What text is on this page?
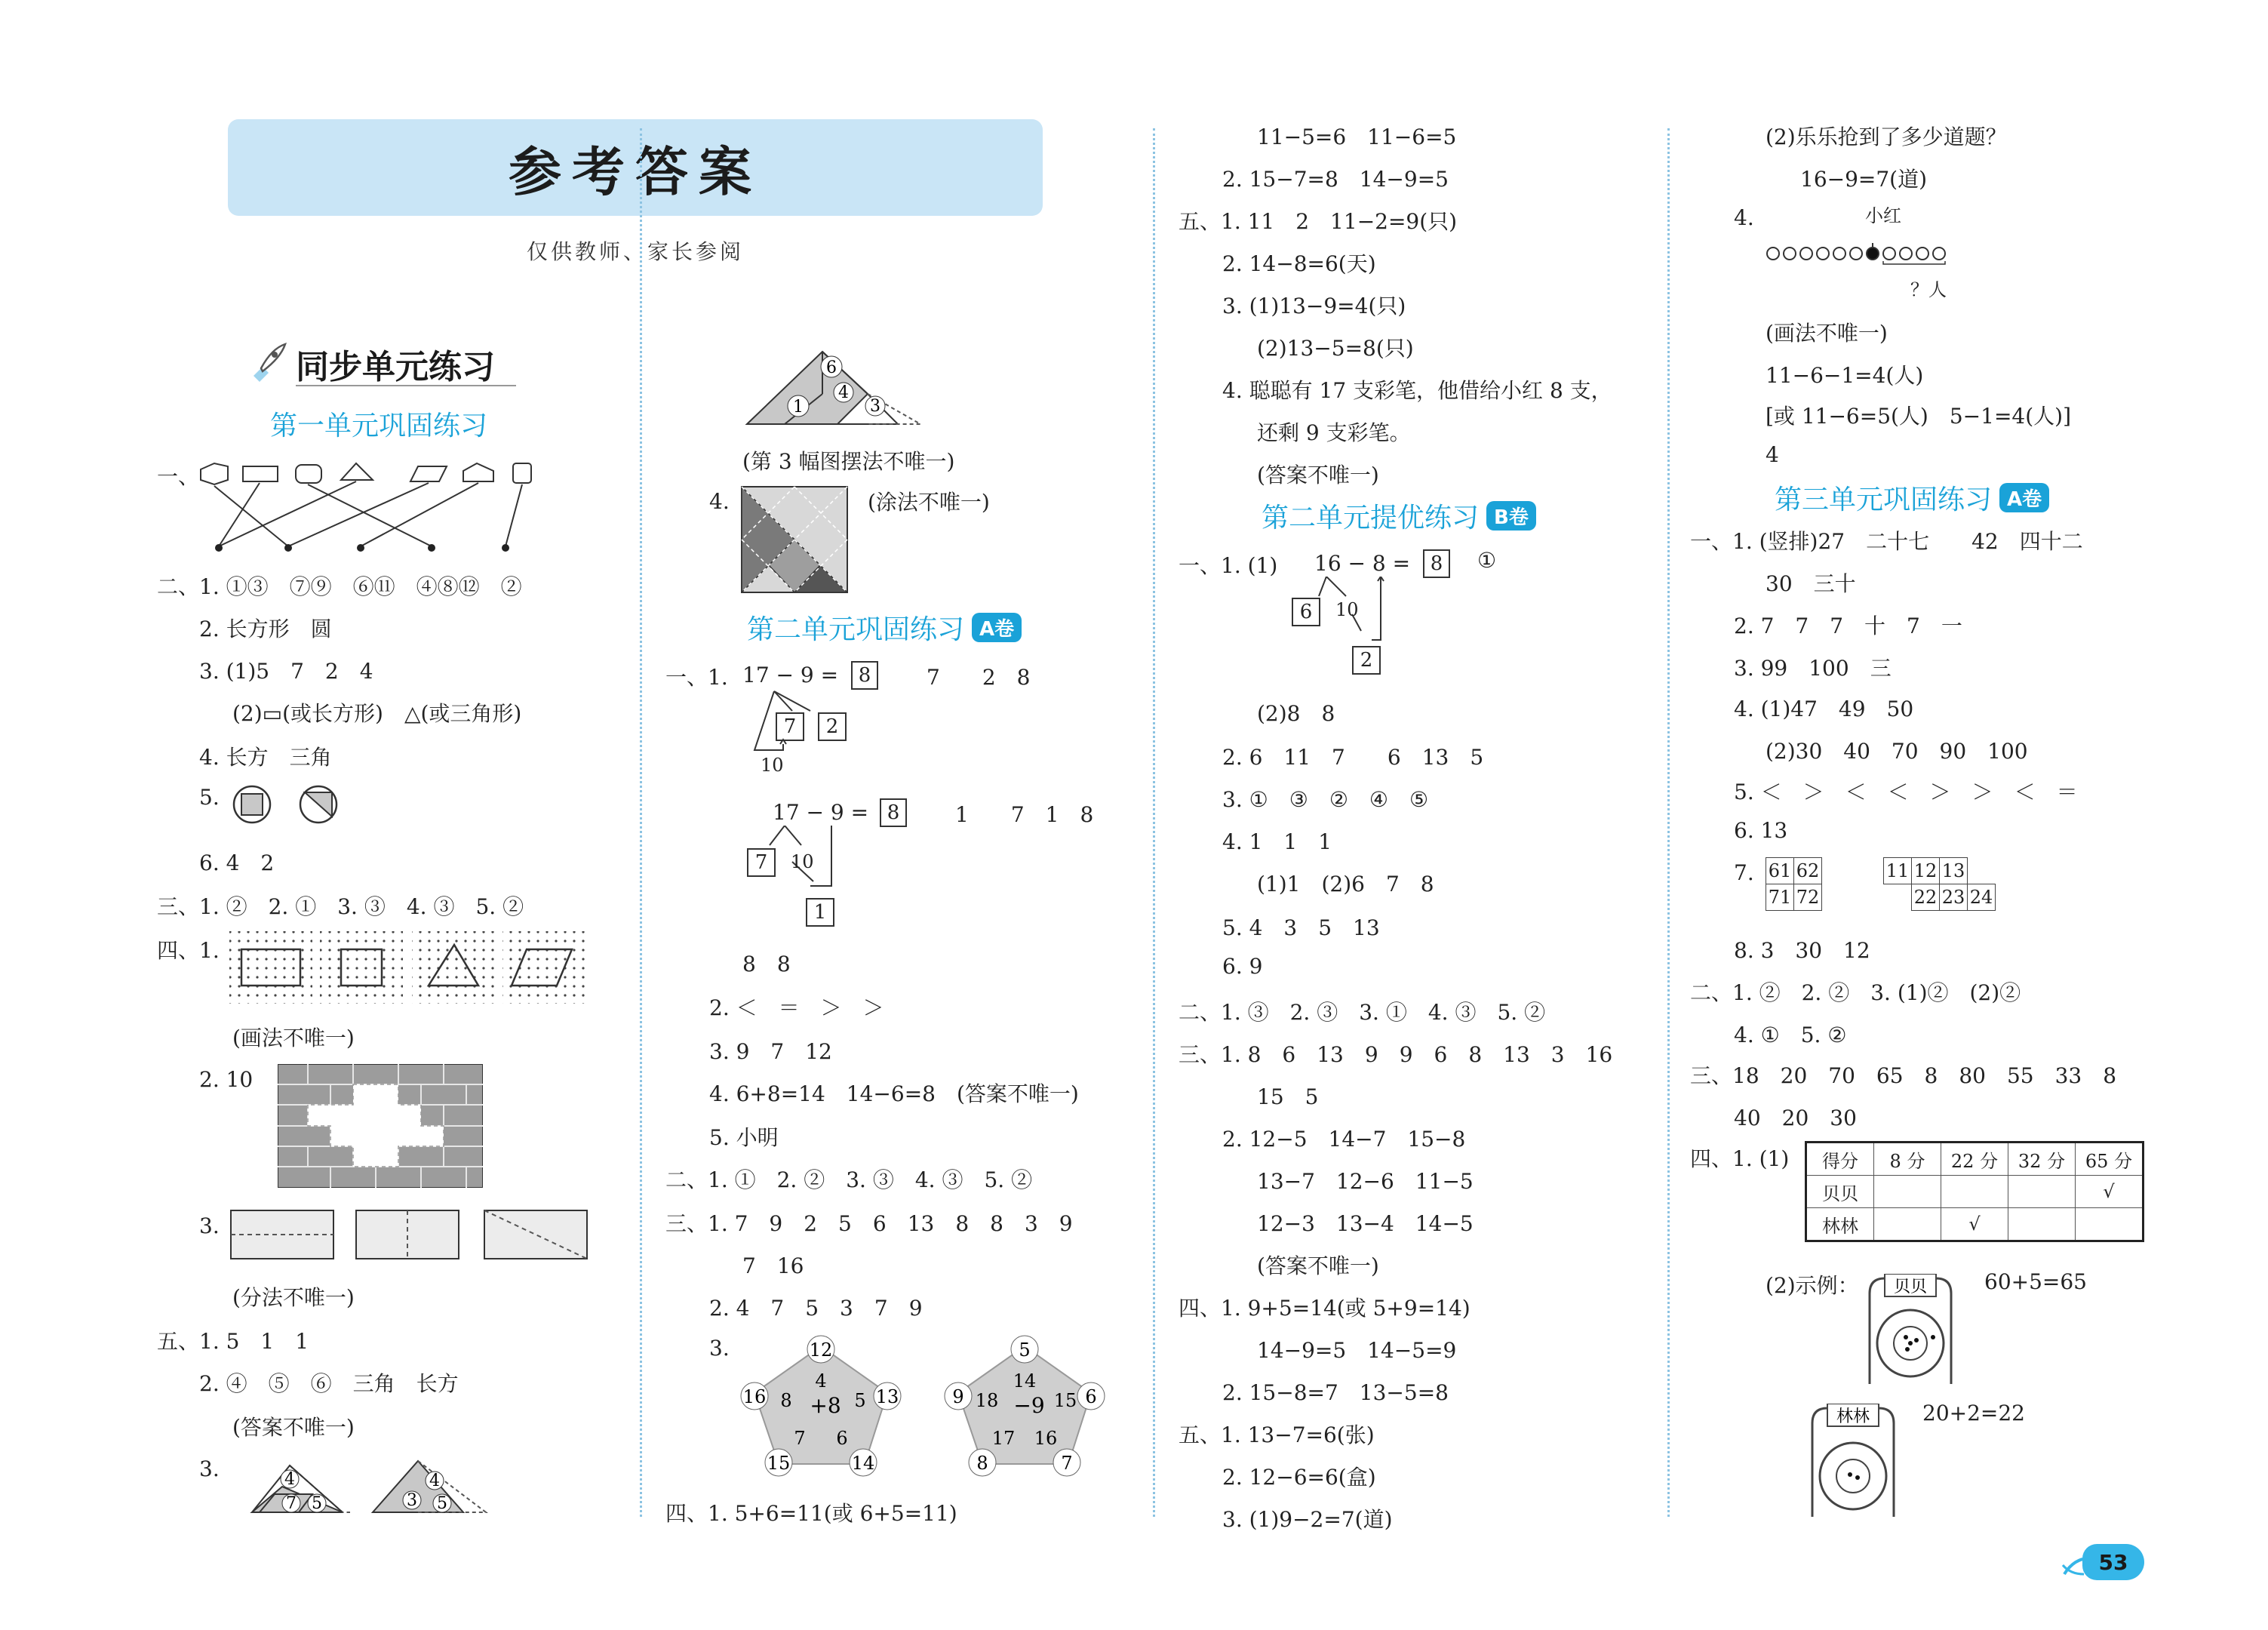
参考答案
仅供教师、家长参阅
同步单元练习
第一单元巩固练习
一、
二、1. ①③　⑦⑨　⑥⑪　④⑧⑫　②
2. 长方形　圆
3. (1)5　7　2　4
(2)▭(或长方形)　△(或三角形)
4. 长方　三角
5.
6. 4　2
三、1. ②　2. ①　3. ③　4. ③　5. ②
四、1.
(画法不唯一)
2. 10
3.
(分法不唯一)
五、1. 5　1　1
2. ④　⑤　⑥　三角　长方
(答案不唯一)
3.
7
4
5	3
4
5
1
6
4
3
(第 3 幅图摆法不唯一)
4.	(涂法不唯一)
第二单元巩固练习 A卷
一、1. 17 − 9 =	8	7　　2　8
7	2
10
17 − 9 = 8	1　　7　1　8
7	10
1
8　8
2. ＜　＝　＞　＞
3. 9　7　12
4. 6+8=14　14−6=8　(答案不唯一)
5. 小明
二、1. ①　2. ②　3. ③　4. ③　5. ②
三、1. 7　9　2　5　6　13　8　8　3　9
7　16
2. 4　7　5　3　7　9
3.	12
4
+8
16	13
8	5
7 6
15	14
5
14
−9
9	6
18	15
17 16
8	7
四、1. 5+6=11(或 6+5=11)
11−5=6　11−6=5
2. 15−7=8　14−9=5
五、1. 11　2　11−2=9(只)
2. 14−8=6(天)
3. (1)13−9=4(只)
(2)13−5=8(只)
4. 聪聪有 17 支彩笔，他借给小红 8 支，
还剩 9 支彩笔。
(答案不唯一)
第二单元提优练习 B卷
一、1. (1) 16 − 8 =	8	①
6	10
2
(2)8　8
2. 6　11　7　　6　13　5
3. ①　③　②　④　⑤
4. 1　1　1
(1)1　(2)6　7　8
5. 4　3　5　13
6. 9
二、1. ③　2. ③　3. ①　4. ③　5. ②
三、1. 8　6　13　9　9　6　8　13　3　16
15　5
2. 12−5　14−7　15−8
13−7　12−6　11−5
12−3　13−4　14−5
(答案不唯一)
四、1. 9+5=14(或 5+9=14)
14−9=5　14−5=9
2. 15−8=7　13−5=8
五、1. 13−7=6(张)
2. 12−6=6(盒)
3. (1)9−2=7(道)
(2)乐乐抢到了多少道题？
16−9=7(道)
4.	小红
？人
(画法不唯一)
11−6−1=4(人)
[或 11−6=5(人)　5−1=4(人)]
4
第三单元巩固练习 A卷
一、1. (竖排)27　二十七　　42　四十二
30　三十
2. 7　7　7　十　7　一
3. 99　100　三
4. (1)47　49　50
(2)30　40　70　90　100
5. ＜　＞　＜　＜　＞　＞　＜　＝
6. 13
7. 61	62
71	72
11	12	13	
	22	23	24
8. 3　30　12
二、1. ②　2. ②　3. (1)②　(2)②
4. ①　5. ②
三、18　20　70　65　8　80　55　33　8
40　20　30
四、1. (1) 得分	8 分	22 分	32 分	65 分
贝贝				√
林林		√		
(2)示例： 贝贝	60+5=65
林林 20+2=22
53
